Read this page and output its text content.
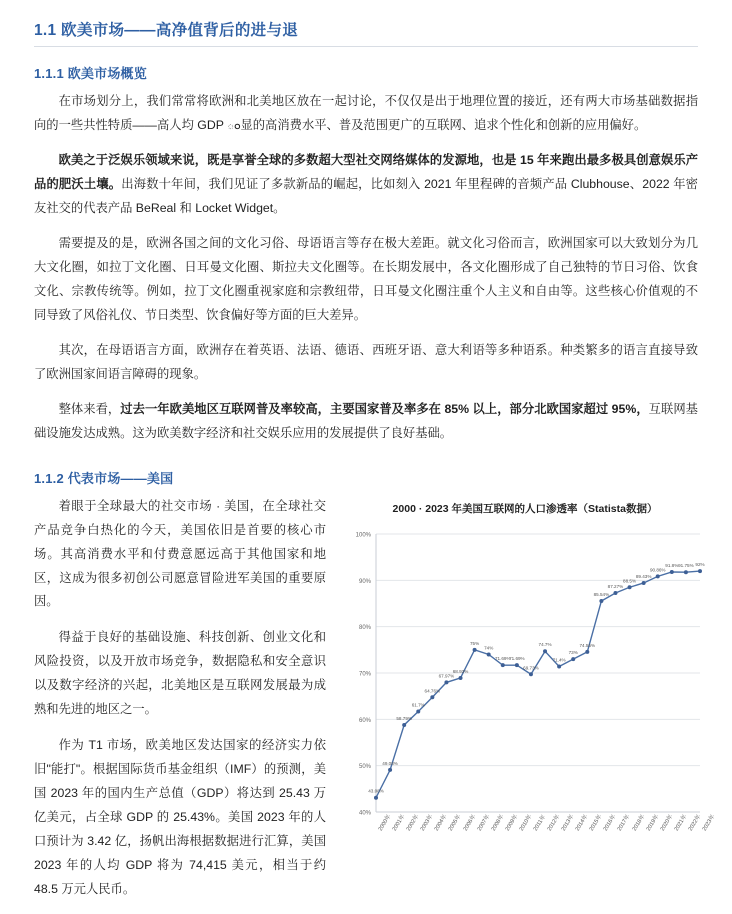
1.1 欧美市场——高净值背后的进与退
1.1.1 欧美市场概览

在市场划分上，我们常常将欧洲和北美地区放在一起讨论，不仅仅是出于地理位置的接近，还有两大市场基础数据指向的一些共性特质——高人均 GDP ం显的高消费水平、普及范围更广的互联网、追求个性化和创新的应用偏好。

欧美之于泛娱乐领域来说，既是享誉全球的多数超大型社交网络媒体的发源地，也是 15 年来跑出最多极具创意娱乐产品的肥沃土壤。出海数十年间，我们见证了多款新品的崛起，比如刻入 2021 年里程碑的音频产品 Clubhouse、2022 年密友社交的代表产品 BeReal 和 Locket Widget。

需要提及的是，欧洲各国之间的文化习俗、母语语言等存在极大差距。就文化习俗而言，欧洲国家可以大致划分为几大文化圈，如拉丁文化圈、日耳曼文化圈、斯拉夫文化圈等。在长期发展中，各文化圈形成了自己独特的节日习俗、饮食文化、宗教传统等。例如，拉丁文化圈重视家庭和宗教纽带，日耳曼文化圈注重个人主义和自由等。这些核心价值观的不同导致了风俗礼仪、节日类型、饮食偏好等方面的巨大差异。

其次，在母语语言方面，欧洲存在着英语、法语、德语、西班牙语、意大利语等多种语系。种类繁多的语言直接导致了欧洲国家间语言障碍的现象。

整体来看，过去一年欧美地区互联网普及率较高，主要国家普及率多在 85% 以上，部分北欧国家超过 95%，互联网基础设施发达成熟。这为欧美数字经济和社交娱乐应用的发展提供了良好基础。

1.1.2 代表市场——美国

着眼于全球最大的社交市场 · 美国，在全球社交产品竞争白热化的今天，美国依旧是首要的核心市场。其高消费水平和付费意愿远高于其他国家和地区，这成为很多初创公司愿意冒险进军美国的重要原因。

得益于良好的基础设施、科技创新、创业文化和风险投资，以及开放市场竞争，数据隐私和安全意识以及数字经济的兴起，北美地区是互联网发展最为成熟和先进的地区之一。

作为 T1 市场，欧美地区发达国家的经济实力依旧"能打"。根据国际货币基金组织（IMF）的预测，美国 2023 年的国内生产总值（GDP）将达到 25.43 万亿美元，占全球 GDP 的 25.43%。美国 2023 年的人口预计为 3.42 亿，扬帆出海根据数据进行汇算，美国 2023 年的人均 GDP 将为 74,415 美元，相当于约 48.5 万元人民币。

2000 · 2023 年美国互联网的人口渗透率（Statista数据）
40%
50%
60%
70%
80%
90%
100%
43.08%
49.08%
58.79%
61.7%
64.76%
67.97%
68.93%
75%
74%
71.69%
71.69%
69.73%
74.7%
71.4%
73%
74.55%
85.54%
87.27%
88.5%
89.43%
90.86%
91.8% 91.75% 92%
2000年 2001年 2002年 2003年 2004年 2005年 2006年 2007年 2008年 2009年 2010年 2011年 2012年 2013年 2014年 2015年 2016年 2017年 2018年 2019年 2020年 2021年 2022年 2023年
